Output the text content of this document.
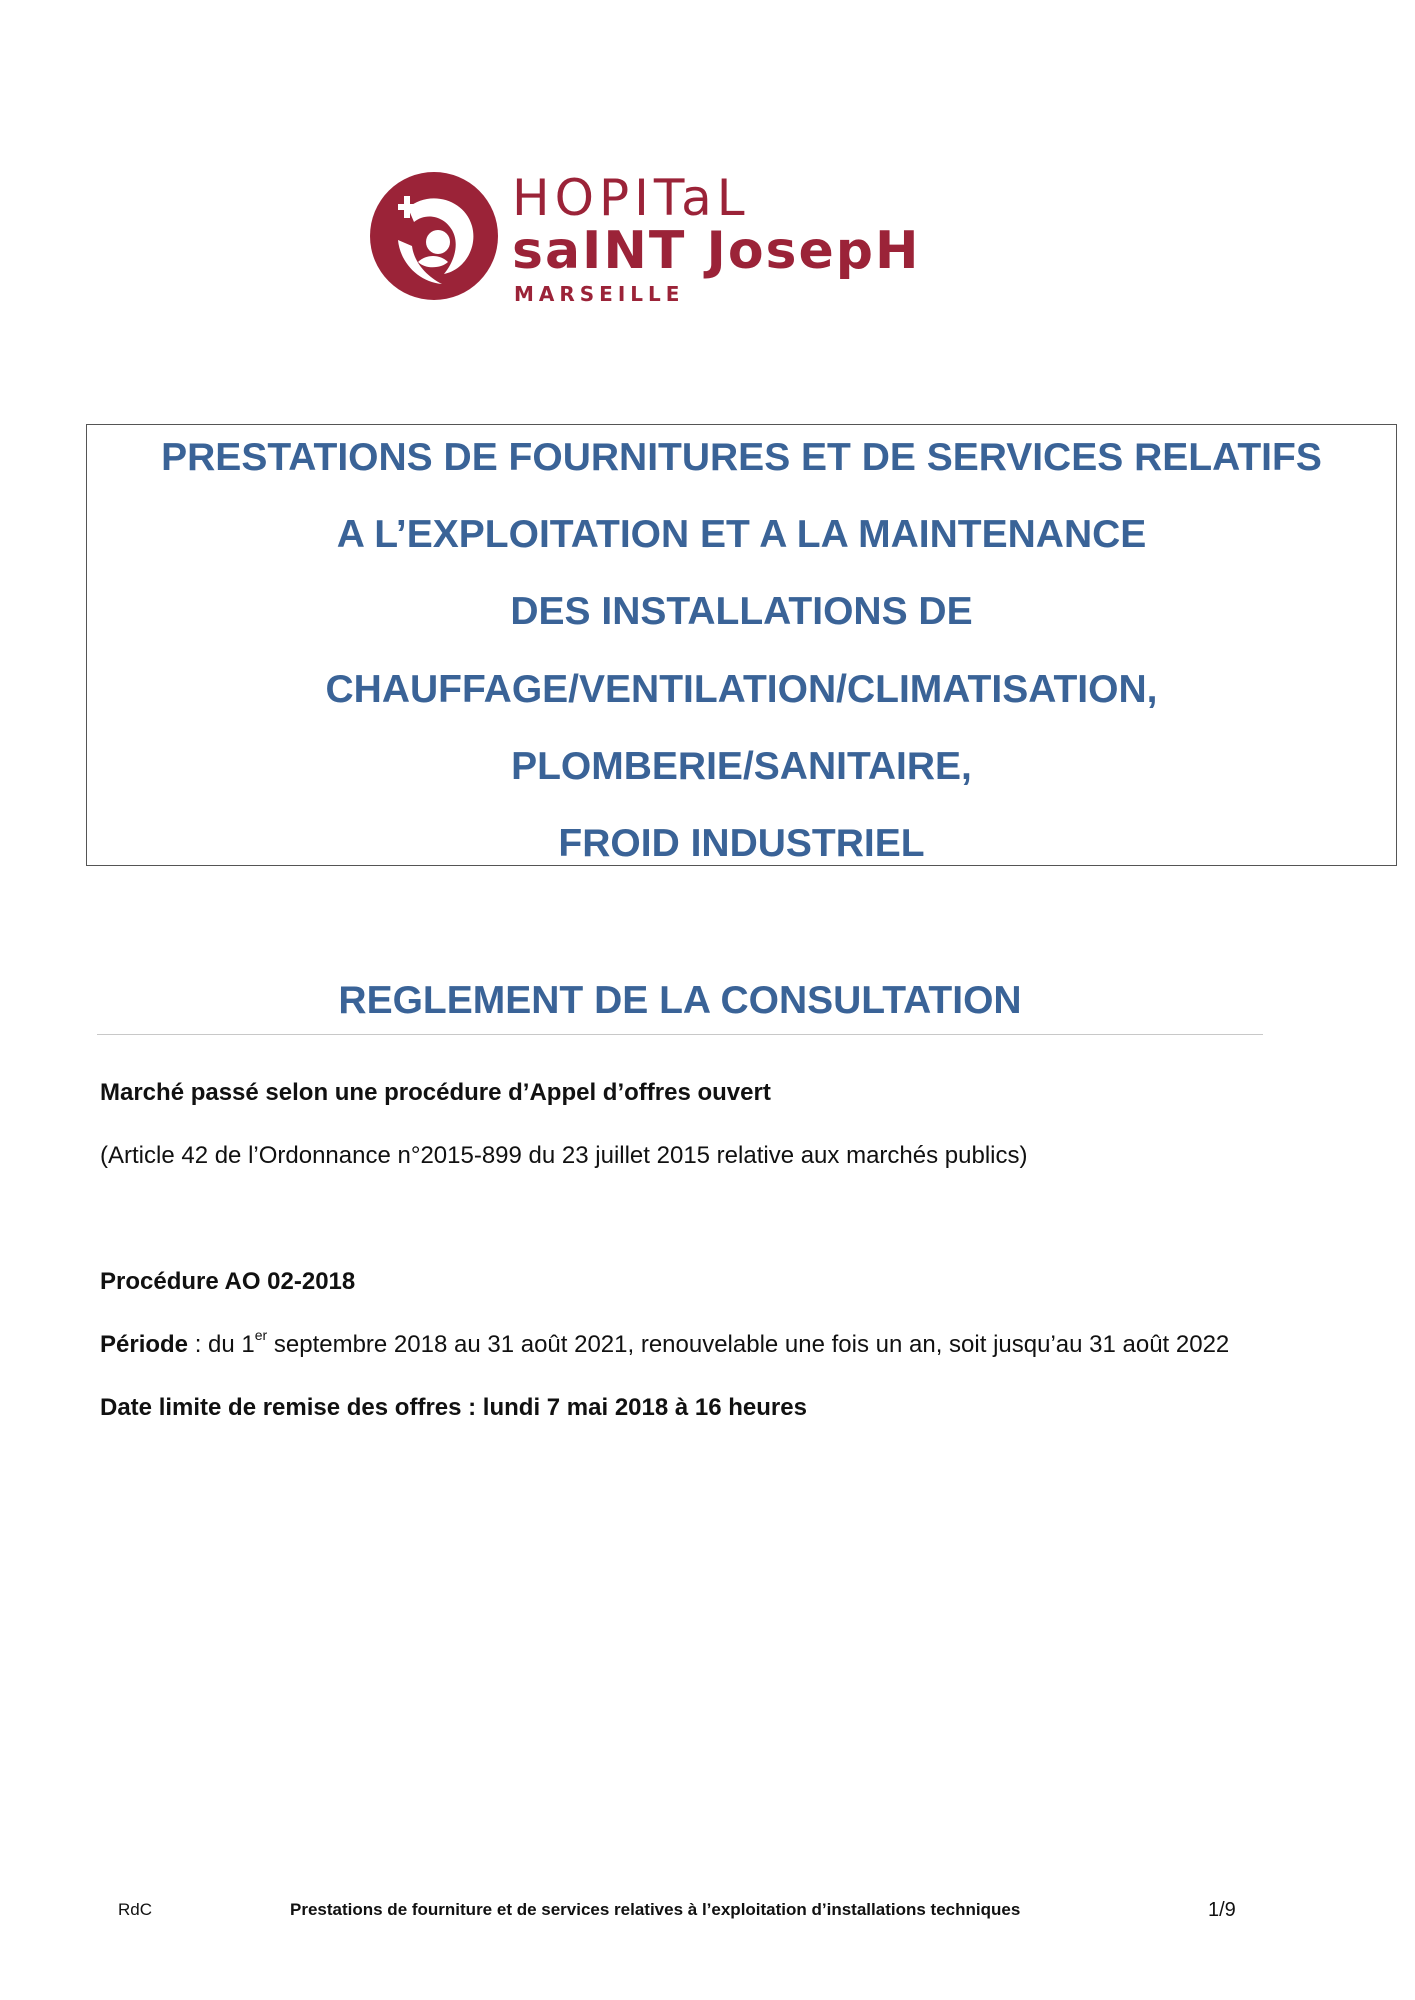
HOPITaL
saINT JoseрH
MARSEILLE
PRESTATIONS DE FOURNITURES ET DE SERVICES RELATIFS
A L’EXPLOITATION ET A LA MAINTENANCE
DES INSTALLATIONS DE
CHAUFFAGE/VENTILATION/CLIMATISATION,
PLOMBERIE/SANITAIRE,
FROID INDUSTRIEL
REGLEMENT DE LA CONSULTATION
Marché passé selon une procédure d’Appel d’offres ouvert
(Article 42 de l’Ordonnance n°2015-899 du 23 juillet 2015 relative aux marchés publics)
Procédure AO 02-2018
Période : du 1er septembre 2018 au 31 août 2021, renouvelable une fois un an, soit jusqu’au 31 août 2022
Date limite de remise des offres : lundi 7 mai 2018 à 16 heures
RdC	Prestations de fourniture et de services relatives à l’exploitation d’installations techniques	1/9
